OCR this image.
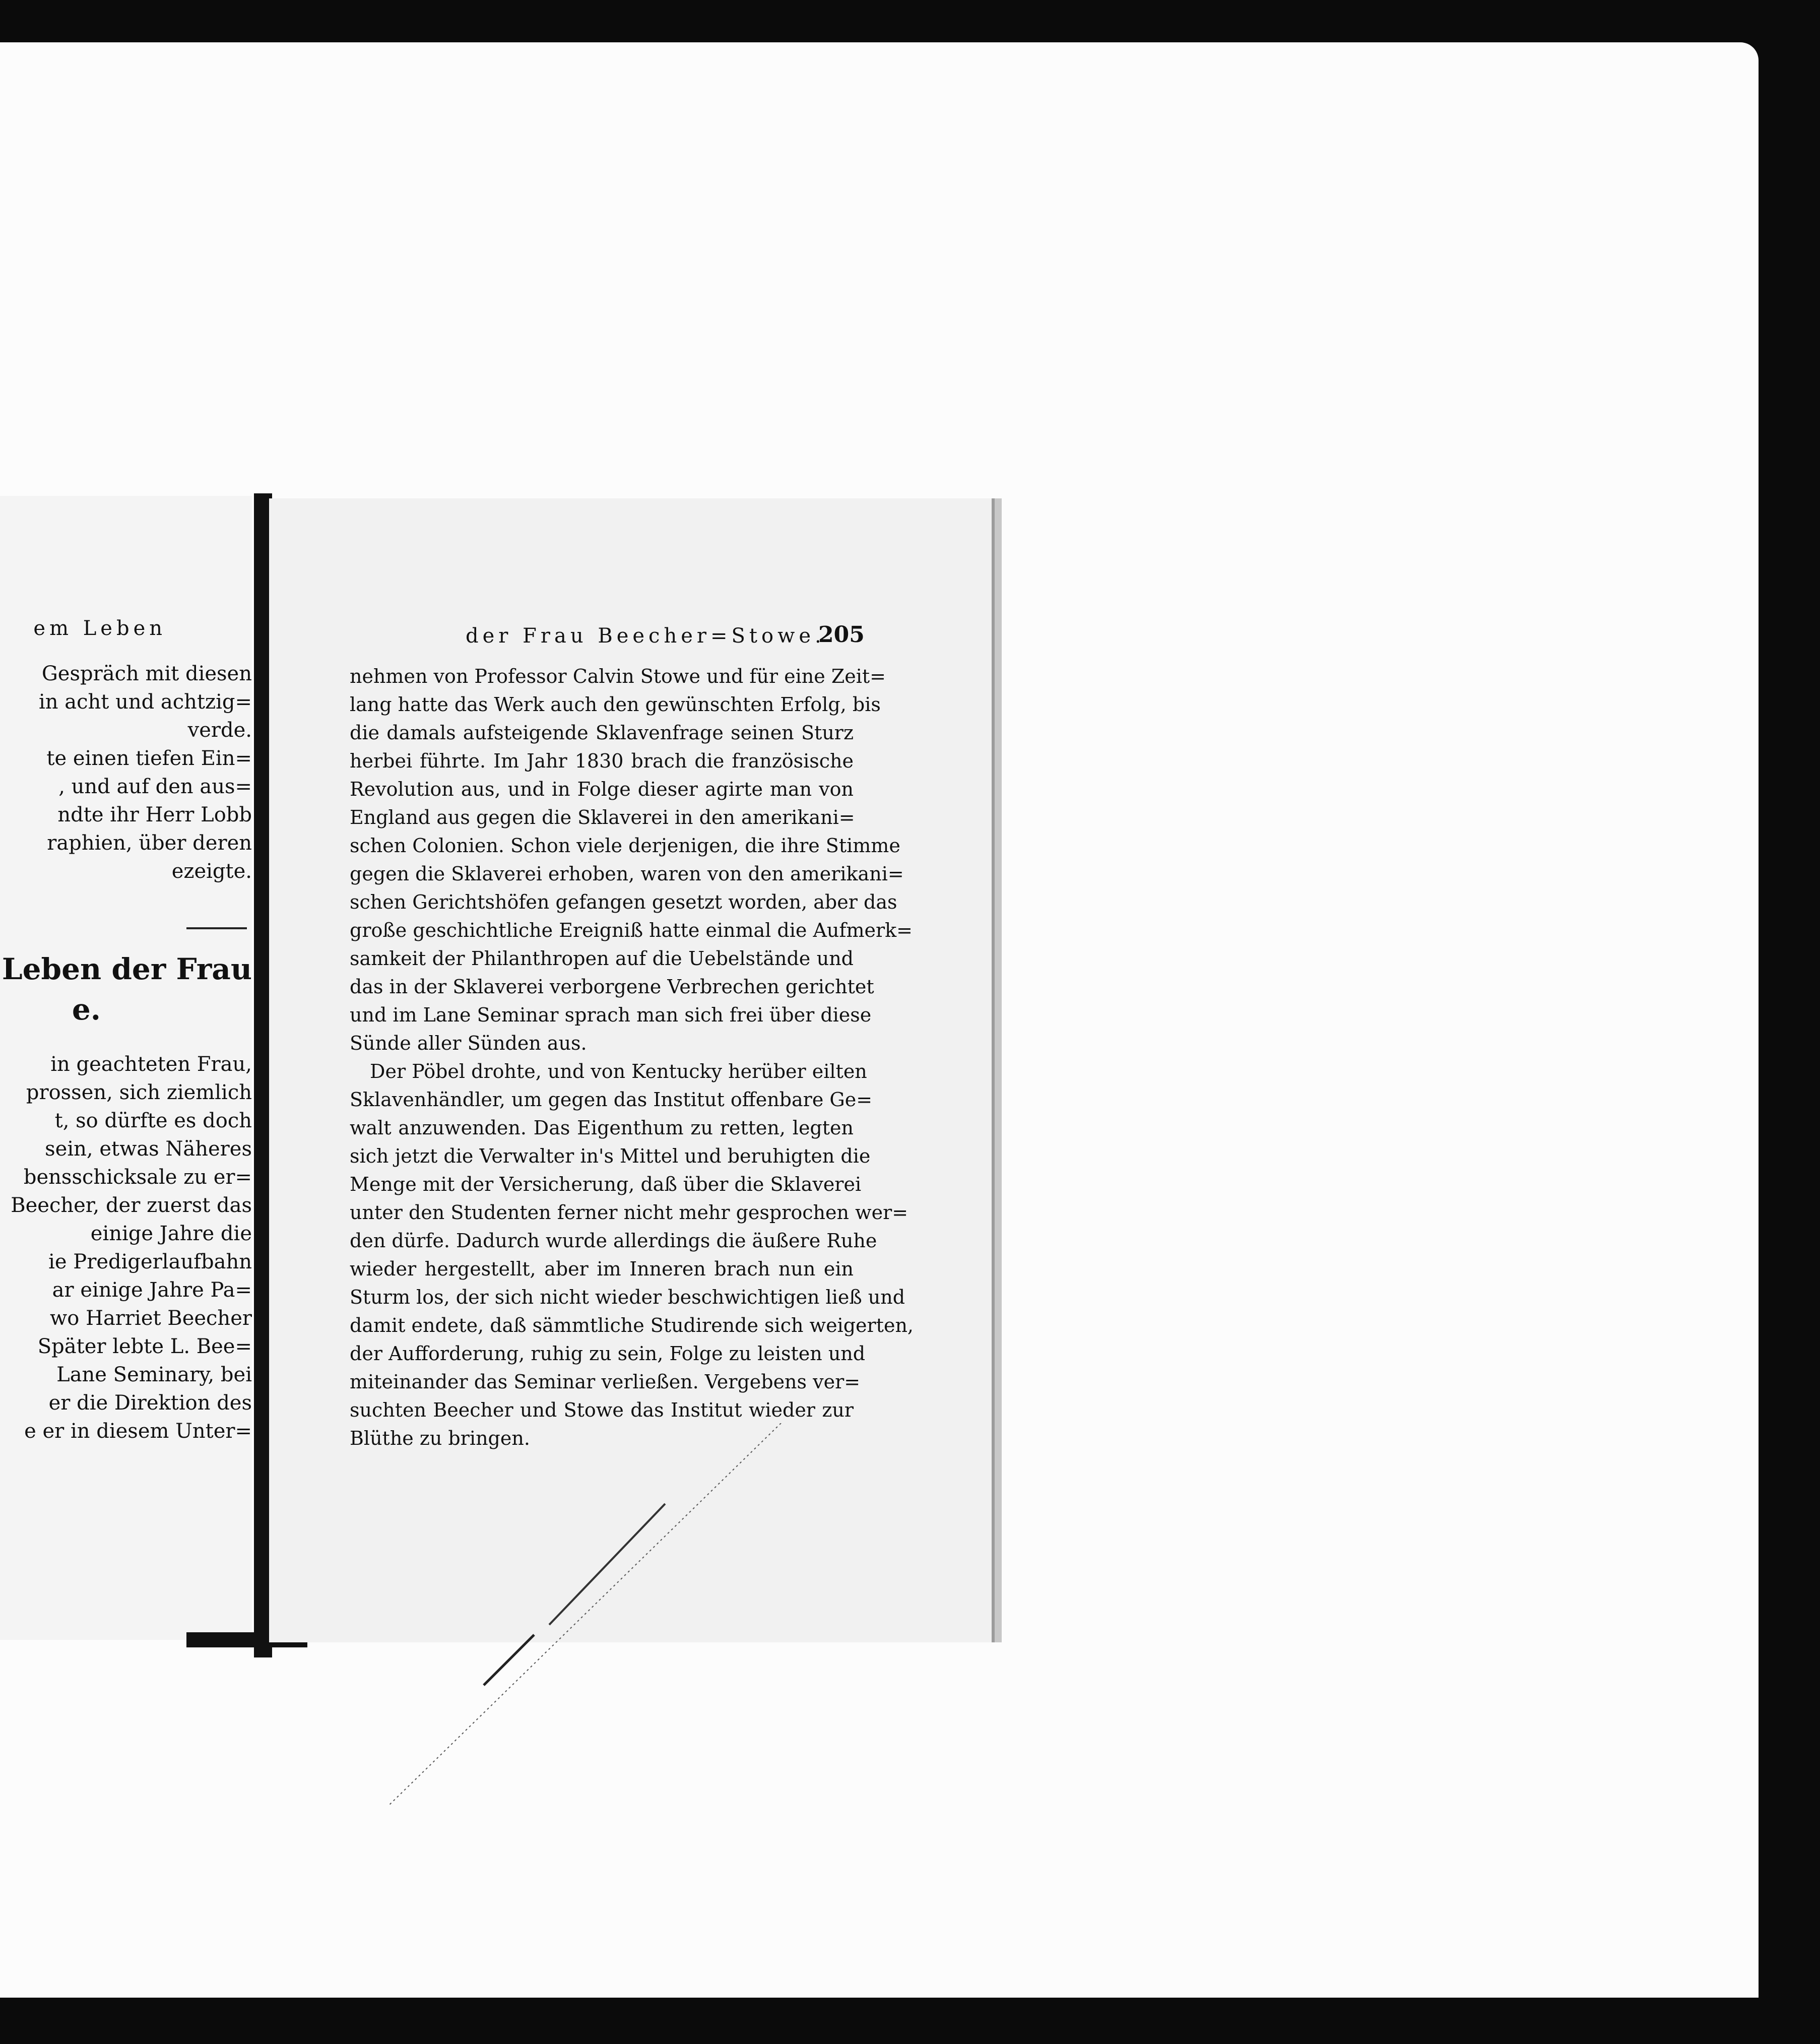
em Leben
Gespräch mit diesen
in acht und achtzig=
verde.
te einen tiefen Ein=
, und auf den aus=
ndte ihr Herr Lobb
raphien, über deren
ezeigte.
Leben der Frau
e.
in geachteten Frau,
prossen, sich ziemlich
t, so dürfte es doch
sein, etwas Näheres
bensschicksale zu er=
Beecher, der zuerst das
einige Jahre die
ie Predigerlaufbahn
ar einige Jahre Pa=
wo Harriet Beecher
Später lebte L. Bee=
Lane Seminary, bei
er die Direktion des
e er in diesem Unter=
der Frau Beecher=Stowe.
205
nehmen von Professor Calvin Stowe und für eine Zeit=
lang hatte das Werk auch den gewünschten Erfolg, bis
die damals aufsteigende Sklavenfrage seinen Sturz
herbei führte. Im Jahr 1830 brach die französische
Revolution aus, und in Folge dieser agirte man von
England aus gegen die Sklaverei in den amerikani=
schen Colonien. Schon viele derjenigen, die ihre Stimme
gegen die Sklaverei erhoben, waren von den amerikani=
schen Gerichtshöfen gefangen gesetzt worden, aber das
große geschichtliche Ereigniß hatte einmal die Aufmerk=
samkeit der Philanthropen auf die Uebelstände und
das in der Sklaverei verborgene Verbrechen gerichtet
und im Lane Seminar sprach man sich frei über diese
Sünde aller Sünden aus.
Der Pöbel drohte, und von Kentucky herüber eilten
Sklavenhändler, um gegen das Institut offenbare Ge=
walt anzuwenden. Das Eigenthum zu retten, legten
sich jetzt die Verwalter in's Mittel und beruhigten die
Menge mit der Versicherung, daß über die Sklaverei
unter den Studenten ferner nicht mehr gesprochen wer=
den dürfe. Dadurch wurde allerdings die äußere Ruhe
wieder hergestellt, aber im Inneren brach nun ein
Sturm los, der sich nicht wieder beschwichtigen ließ und
damit endete, daß sämmtliche Studirende sich weigerten,
der Aufforderung, ruhig zu sein, Folge zu leisten und
miteinander das Seminar verließen. Vergebens ver=
suchten Beecher und Stowe das Institut wieder zur
Blüthe zu bringen.
